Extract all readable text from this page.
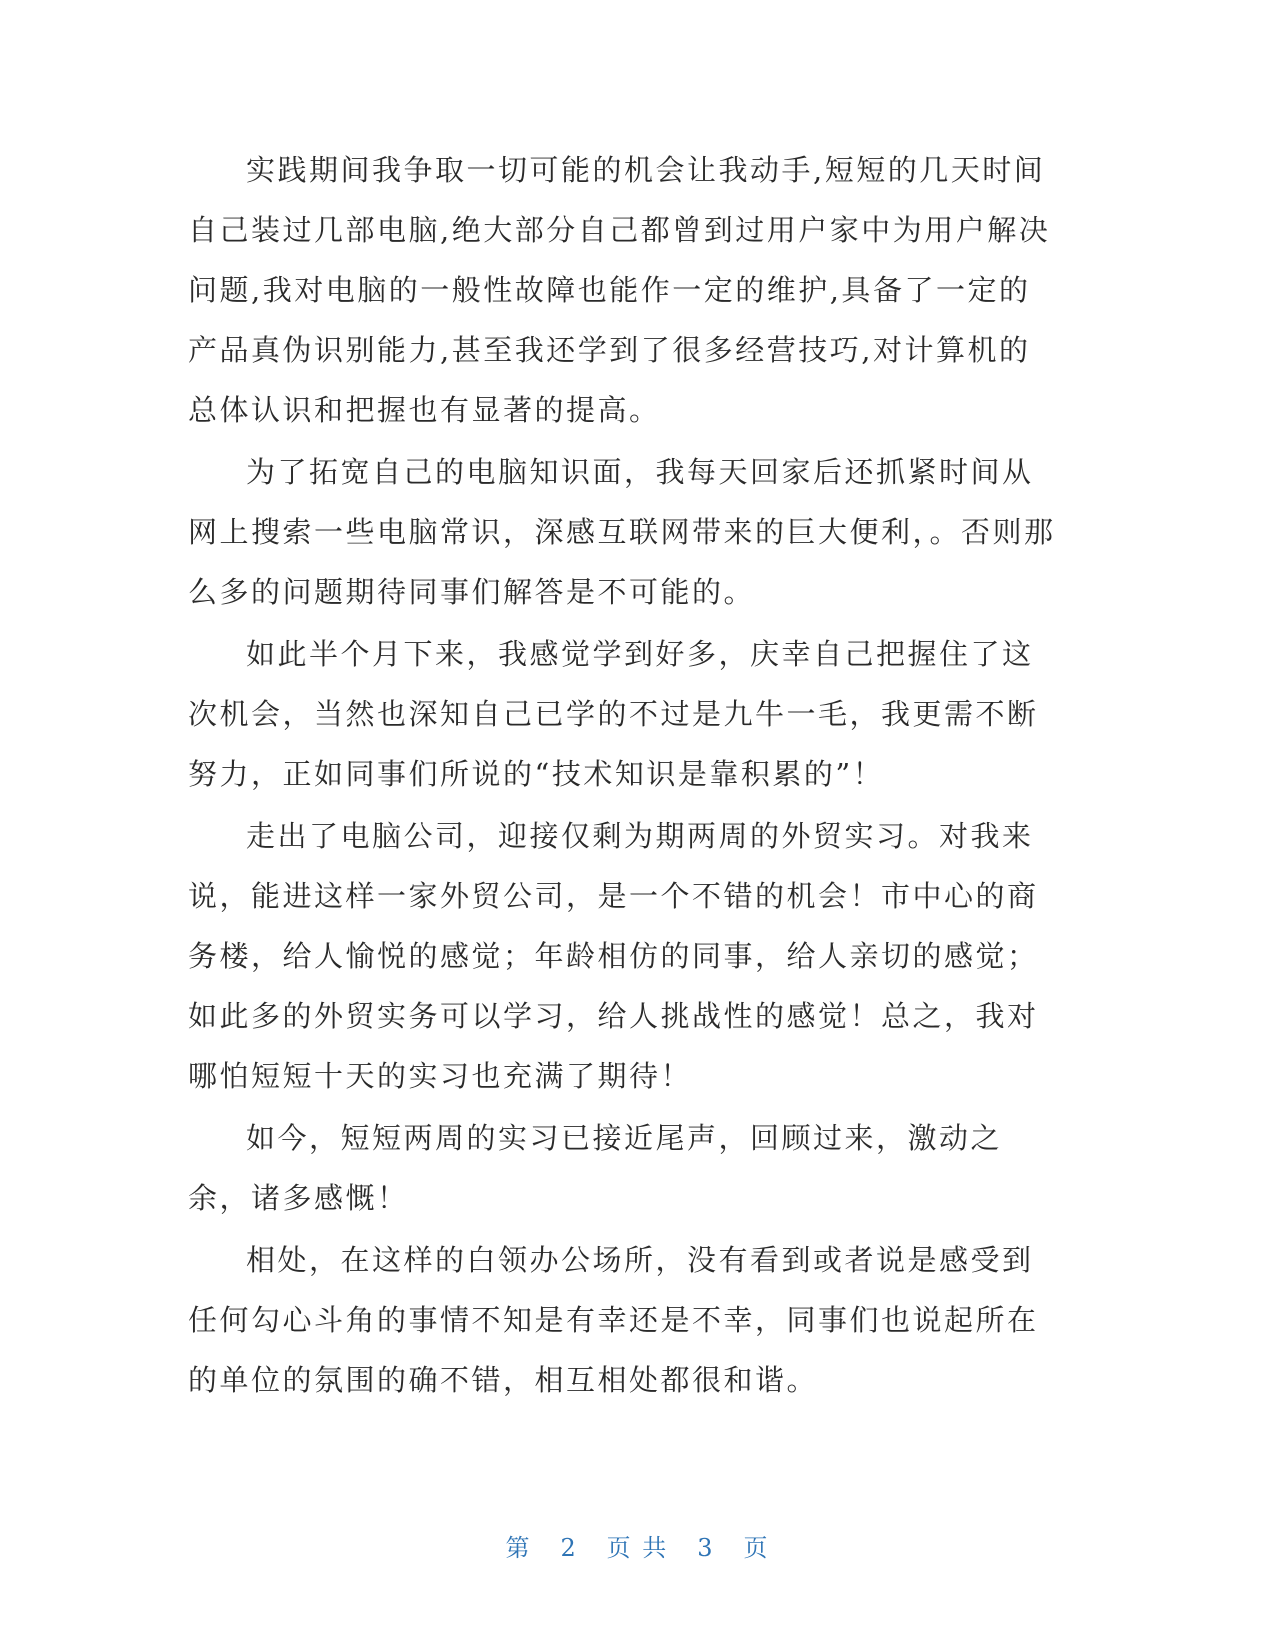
实践期间我争取一切可能的机会让我动手,短短的几天时间自己装过几部电脑,绝大部分自己都曾到过用户家中为用户解决问题,我对电脑的一般性故障也能作一定的维护,具备了一定的产品真伪识别能力,甚至我还学到了很多经营技巧,对计算机的总体认识和把握也有显著的提高。

为了拓宽自己的电脑知识面，我每天回家后还抓紧时间从网上搜索一些电脑常识，深感互联网带来的巨大便利，。否则那么多的问题期待同事们解答是不可能的。

如此半个月下来，我感觉学到好多，庆幸自己把握住了这次机会，当然也深知自己已学的不过是九牛一毛，我更需不断努力，正如同事们所说的“技术知识是靠积累的”！

走出了电脑公司，迎接仅剩为期两周的外贸实习。对我来说，能进这样一家外贸公司，是一个不错的机会！市中心的商务楼，给人愉悦的感觉；年龄相仿的同事，给人亲切的感觉；如此多的外贸实务可以学习，给人挑战性的感觉！总之，我对哪怕短短十天的实习也充满了期待！

如今，短短两周的实习已接近尾声，回顾过来，激动之余，诸多感慨！

相处，在这样的白领办公场所，没有看到或者说是感受到任何勾心斗角的事情不知是有幸还是不幸，同事们也说起所在的单位的氛围的确不错，相互相处都很和谐。

第 2 页 共 3 页
